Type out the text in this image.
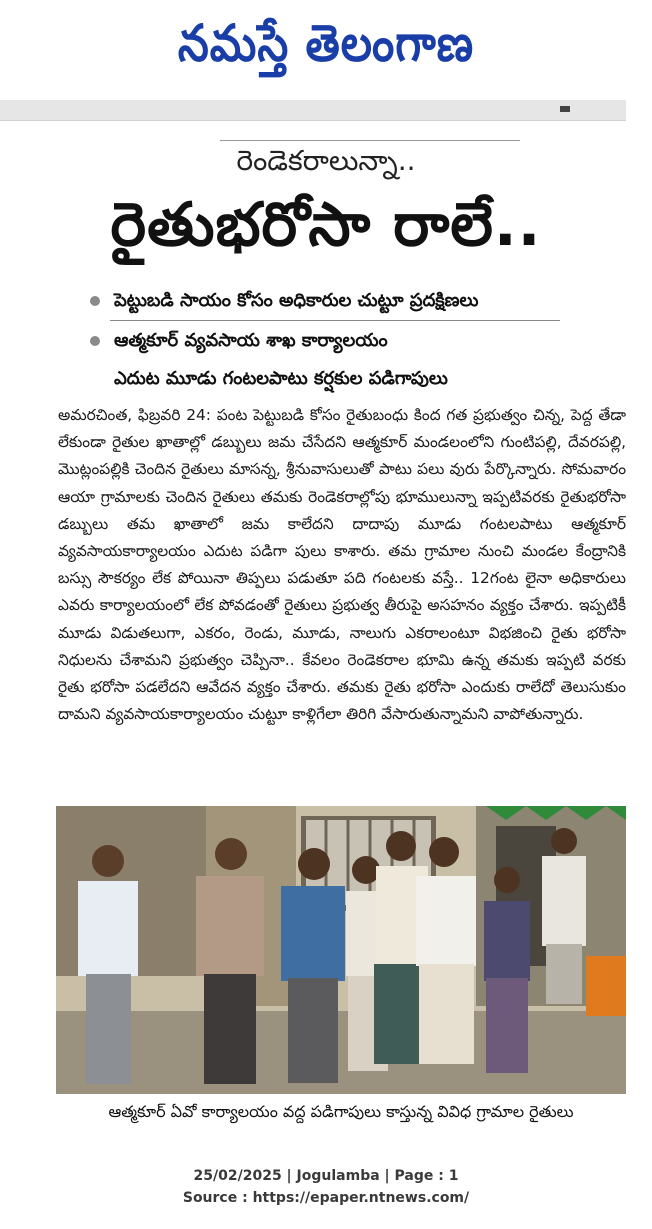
నమస్తే తెలంగాణ
రెండెకరాలున్నా..
రైతుభరోసా రాలే..
పెట్టుబడి సాయం కోసం అధికారుల చుట్టూ ప్రదక్షిణలు
ఆత్మకూర్ వ్యవసాయ శాఖ కార్యాలయం
ఎదుట మూడు గంటలపాటు కర్షకుల పడిగాపులు
అమరచింత, ఫిబ్రవరి 24: పంట పెట్టుబడి కోసం రైతుబంధు కింద గత ప్రభుత్వం చిన్న, పెద్ద తేడా లేకుండా రైతుల ఖాతాల్లో డబ్బులు జమ చేసేదని ఆత్మకూర్ మండలంలోని గుంటిపల్లి, దేవరపల్లి, మొట్లంపల్లికి చెందిన రైతులు మాసన్న, శ్రీనువాసులుతో పాటు పలు వురు పేర్కొన్నారు. సోమవారం ఆయా గ్రామాలకు చెందిన రైతులు తమకు రెండెకరాల్లోపు భూములున్నా ఇప్పటివరకు రైతుభరోసా డబ్బులు తమ ఖాతాలో జమ కాలేదని దాదాపు మూడు గంటలపాటు ఆత్మకూర్ వ్యవసాయకార్యాలయం ఎదుట పడిగా పులు కాశారు. తమ గ్రామాల నుంచి మండల కేంద్రానికి బస్సు సౌకర్యం లేక పోయినా తిప్పలు పడుతూ పది గంటలకు వస్తే.. 12గంట లైనా అధికారులు ఎవరు కార్యాలయంలో లేక పోవడంతో రైతులు ప్రభుత్వ తీరుపై అసహనం వ్యక్తం చేశారు. ఇప్పటికీ మూడు విడుతలుగా, ఎకరం, రెండు, మూడు, నాలుగు ఎకరాలంటూ విభజించి రైతు భరోసా నిధులను చేశామని ప్రభుత్వం చెప్పినా.. కేవలం రెండెకరాల భూమి ఉన్న తమకు ఇప్పటి వరకు రైతు భరోసా పడలేదని ఆవేదన వ్యక్తం చేశారు. తమకు రైతు భరోసా ఎందుకు రాలేదో తెలుసుకుం దామని వ్యవసాయకార్యాలయం చుట్టూ కాళ్లిగేలా తిరిగి వేసారుతున్నామని వాపోతున్నారు.
ఆత్మకూర్ ఏవో కార్యాలయం వద్ద పడిగాపులు కాస్తున్న వివిధ గ్రామాల రైతులు
25/02/2025 | Jogulamba | Page : 1
Source : https://epaper.ntnews.com/
